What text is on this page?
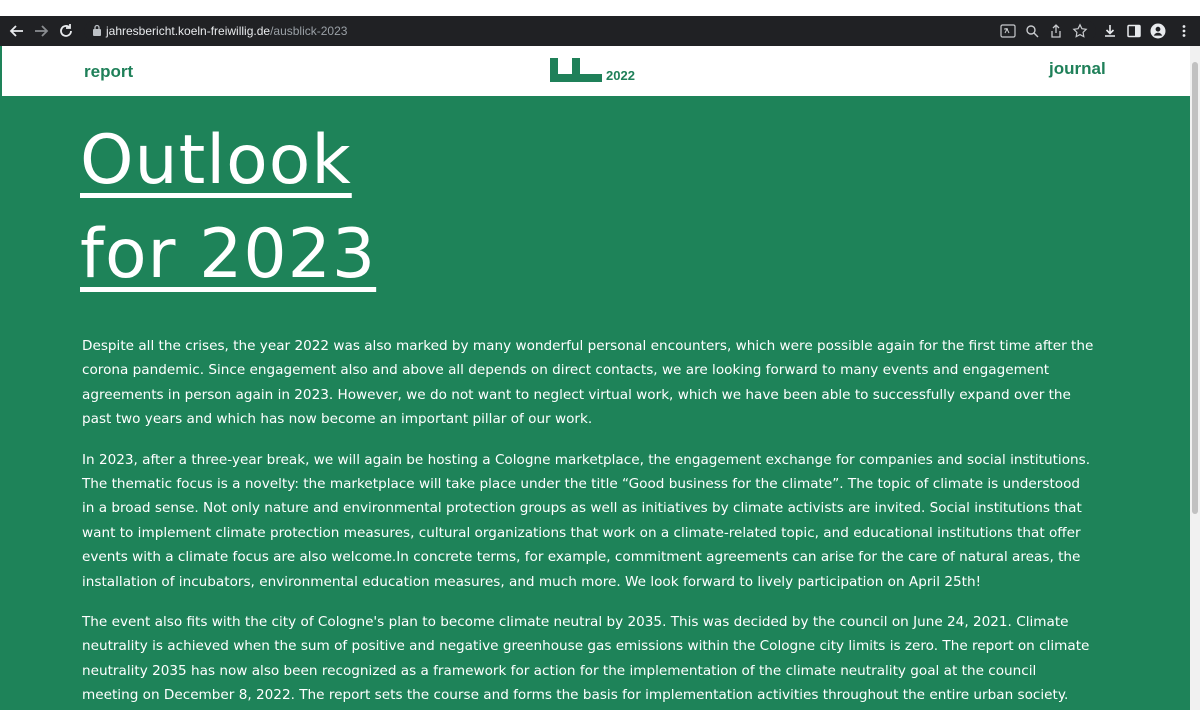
jahresbericht.koeln-freiwillig.de/ausblick-2023
report	2022	journal
Outlook
for 2023

Despite all the crises, the year 2022 was also marked by many wonderful personal encounters, which were possible again for the first time after the corona pandemic. Since engagement also and above all depends on direct contacts, we are looking forward to many events and engagement agreements in person again in 2023. However, we do not want to neglect virtual work, which we have been able to successfully expand over the past two years and which has now become an important pillar of our work.

In 2023, after a three-year break, we will again be hosting a Cologne marketplace, the engagement exchange for companies and social institutions. The thematic focus is a novelty: the marketplace will take place under the title “Good business for the climate”. The topic of climate is understood in a broad sense. Not only nature and environmental protection groups as well as initiatives by climate activists are invited. Social institutions that want to implement climate protection measures, cultural organizations that work on a climate-related topic, and educational institutions that offer events with a climate focus are also welcome.In concrete terms, for example, commitment agreements can arise for the care of natural areas, the installation of incubators, environmental education measures, and much more. We look forward to lively participation on April 25th!

The event also fits with the city of Cologne's plan to become climate neutral by 2035. This was decided by the council on June 24, 2021. Climate neutrality is achieved when the sum of positive and negative greenhouse gas emissions within the Cologne city limits is zero. The report on climate neutrality 2035 has now also been recognized as a framework for action for the implementation of the climate neutrality goal at the council meeting on December 8, 2022. The report sets the course and forms the basis for implementation activities throughout the entire urban society.
